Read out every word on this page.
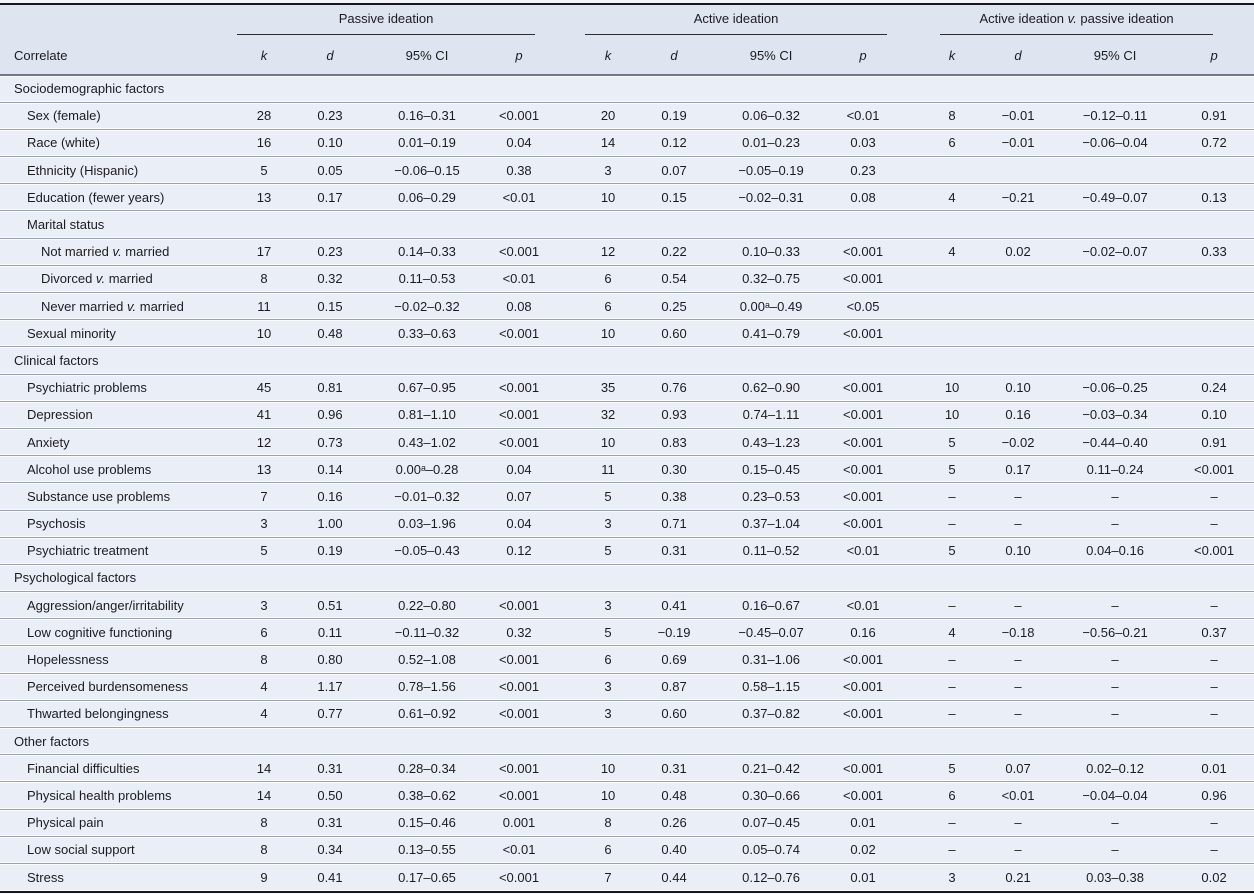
		Passive ideation					Active ideation					Active ideation v. passive ideation			

Correlate		k	d	95% CI	p		k	d	95% CI	p		k	d	95% CI	p
Sociodemographic factors															
Sex (female)		28	0.23	0.16–0.31	<0.001		20	0.19	0.06–0.32	<0.01		8	−0.01	−0.12–0.11	0.91
Race (white)		16	0.10	0.01–0.19	0.04		14	0.12	0.01–0.23	0.03		6	−0.01	−0.06–0.04	0.72
Ethnicity (Hispanic)		5	0.05	−0.06–0.15	0.38		3	0.07	−0.05–0.19	0.23					
Education (fewer years)		13	0.17	0.06–0.29	<0.01		10	0.15	−0.02–0.31	0.08		4	−0.21	−0.49–0.07	0.13
Marital status															
Not married v. married		17	0.23	0.14–0.33	<0.001		12	0.22	0.10–0.33	<0.001		4	0.02	−0.02–0.07	0.33
Divorced v. married		8	0.32	0.11–0.53	<0.01		6	0.54	0.32–0.75	<0.001					
Never married v. married		11	0.15	−0.02–0.32	0.08		6	0.25	0.00ᵃ–0.49	<0.05					
Sexual minority		10	0.48	0.33–0.63	<0.001		10	0.60	0.41–0.79	<0.001					
Clinical factors															
Psychiatric problems		45	0.81	0.67–0.95	<0.001		35	0.76	0.62–0.90	<0.001		10	0.10	−0.06–0.25	0.24
Depression		41	0.96	0.81–1.10	<0.001		32	0.93	0.74–1.11	<0.001		10	0.16	−0.03–0.34	0.10
Anxiety		12	0.73	0.43–1.02	<0.001		10	0.83	0.43–1.23	<0.001		5	−0.02	−0.44–0.40	0.91
Alcohol use problems		13	0.14	0.00ᵃ–0.28	0.04		11	0.30	0.15–0.45	<0.001		5	0.17	0.11–0.24	<0.001
Substance use problems		7	0.16	−0.01–0.32	0.07		5	0.38	0.23–0.53	<0.001		–	–	–	–
Psychosis		3	1.00	0.03–1.96	0.04		3	0.71	0.37–1.04	<0.001		–	–	–	–
Psychiatric treatment		5	0.19	−0.05–0.43	0.12		5	0.31	0.11–0.52	<0.01		5	0.10	0.04–0.16	<0.001
Psychological factors															
Aggression/anger/irritability		3	0.51	0.22–0.80	<0.001		3	0.41	0.16–0.67	<0.01		–	–	–	–
Low cognitive functioning		6	0.11	−0.11–0.32	0.32		5	−0.19	−0.45–0.07	0.16		4	−0.18	−0.56–0.21	0.37
Hopelessness		8	0.80	0.52–1.08	<0.001		6	0.69	0.31–1.06	<0.001		–	–	–	–
Perceived burdensomeness		4	1.17	0.78–1.56	<0.001		3	0.87	0.58–1.15	<0.001		–	–	–	–
Thwarted belongingness		4	0.77	0.61–0.92	<0.001		3	0.60	0.37–0.82	<0.001		–	–	–	–
Other factors															
Financial difficulties		14	0.31	0.28–0.34	<0.001		10	0.31	0.21–0.42	<0.001		5	0.07	0.02–0.12	0.01
Physical health problems		14	0.50	0.38–0.62	<0.001		10	0.48	0.30–0.66	<0.001		6	<0.01	−0.04–0.04	0.96
Physical pain		8	0.31	0.15–0.46	0.001		8	0.26	0.07–0.45	0.01		–	–	–	–
Low social support		8	0.34	0.13–0.55	<0.01		6	0.40	0.05–0.74	0.02		–	–	–	–
Stress		9	0.41	0.17–0.65	<0.001		7	0.44	0.12–0.76	0.01		3	0.21	0.03–0.38	0.02
